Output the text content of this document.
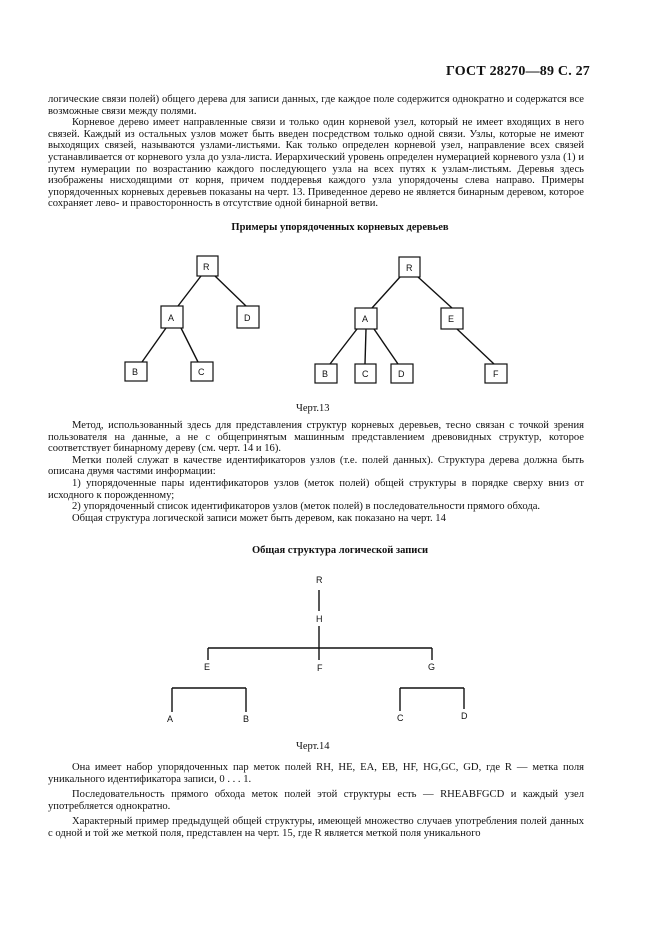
ГОСТ 28270—89 С. 27

логические связи полей) общего дерева для записи данных, где каждое поле содержится однократно и содержатся все возможные связи между полями.

Корневое дерево имеет направленные связи и только один корневой узел, который не имеет входящих в него связей. Каждый из остальных узлов может быть введен посредством только одной связи. Узлы, которые не имеют выходящих связей, называются узлами-листьями. Как только определен корневой узел, направление всех связей устанавливается от корневого узла до узла-листа. Иерархический уровень определен нумерацией корневого узла (1) и путем нумерации по возрастанию каждого последующего узла на всех путях к узлам-листьям. Деревья здесь изображены нисходящими от корня, причем поддеревья каждого узла упорядочены слева направо. Примеры упорядоченных корневых деревьев показаны на черт. 13. Приведенное дерево не является бинарным деревом, которое сохраняет лево- и правосторонность в отсутствие одной бинарной ветви.

Примеры упорядоченных корневых деревьев
R
A	D
B	C
R
A	E
B	C	D	F
Черт.13

Метод, использованный здесь для представления структур корневых деревьев, тесно связан с точкой зрения пользователя на данные, а не с общепринятым машинным представлением древовидных структур, которое соответствует бинарному дереву (см. черт. 14 и 16).

Метки полей служат в качестве идентификаторов узлов (т.е. полей данных). Структура дерева должна быть описана двумя частями информации:

1) упорядоченные пары идентификаторов узлов (меток полей) общей структуры в порядке сверху вниз от исходного к порожденному;

2) упорядоченный список идентификаторов узлов (меток полей) в последовательности прямого обхода.

Общая структура логической записи может быть деревом, как показано на черт. 14

Общая структура логической записи
R
H
E	F	G
A	B	C	D
Черт.14

Она имеет набор упорядоченных пар меток полей RH, HE, EA, EB, HF, HG,GC, GD, где R — метка поля уникального идентификатора записи, 0 . . . 1.

Последовательность прямого обхода меток полей этой структуры есть — RHEABFGCD и каждый узел употребляется однократно.

Характерный пример предыдущей общей структуры, имеющей множество случаев употребления полей данных с одной и той же меткой поля, представлен на черт. 15, где R является меткой поля уникального
